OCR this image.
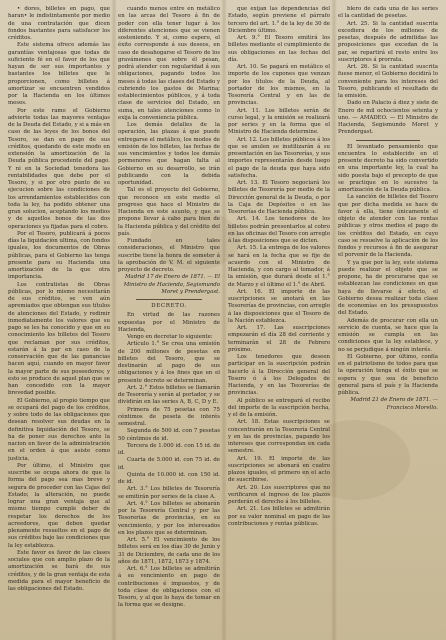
• dores, billetes en pago, que haran• le indistintamente por medio de una contratación que dicen fondos bastantes para satisfacer los créditos.

Este sistema ofrece además las garantías ventajosas que todas de suficiente fé en el favor de los que hayan de ser sus importantes y bastantes los billetes que le proporcionen, como billetes á amortizar se encuentren vendidos por la Hacienda en los últimos meses.

Por este ramo el Gobierno advierte todas las mayores ventajas de la Deuda del Estado, y si a más en caso de las leyes de los bonos del Tesoro, se dan en pago de sus créditos, quedando de este modo en extensión la amortización de la Deuda pública procedente del pago. Y ni en la Sociedad tenedora las rentabilidades que debe por el Tesoro, y si por otro punto de su ejecucion sobre las condiciones de los arrendamientos establecidos con toda la ley, ha podido obtener una gran solucion, aceptando los medios y de aquellos bonos de las dos operaciones ya fijadas para el cobro.

Por el Tesoro, publicará á pocos días la liquidación ultima, con fondos iguales, los documentos de Obras públicas, para el Gobierno las tenga presente para su Hacienda una amortización de la que otra importancia.

Los contratistas de Obras públicas, por lo mismo necesitarán de sus créditos, se ven aún apremiados que obtengan sus títulos de atenciones del Estado, y redimir inmediatamente los valores que su pago se les ha conocido y que en su conocimiento los billetes del Tesoro que reclaman por sus créditos, estarán á la par en caso de la conservación que de las ganancias hacen aquí, cuando en mayor favor la mayor parte de sus poseedores; y esto se produce de aquel plan que se han concedido con la mayor brevedad posible.

El Gobierno, al propio tiempo que se ocupará del pago de los créditos, y sobre todo de las obligaciones que desean resolver sus deudas en la definitiva liquidación del Tesoro, se ha de poner sus derechos ante la nacion en favor de la administración en el orden á que asiste como justicia.

Por último, el Ministro que suscribe se ocupa ahora de que la forma del pago sea mas breve y segura de proceder con las Cajas del Estado; la alteración, no puede lograr una gran ventaja que al mismo tiempo cumple deber de respetar los derechos de los acreedores, que deben quedar plenamente resueltos en el pago de sus créditos bajo las condiciones que la ley establezca.

Este favor es favor de las clases sociales que con amplio plazo de la amortización se hará de sus créditos, y de la gran ventaja de esta medida para el mayor beneficio de las obligaciones del Estado.

cuando menos entre en metálico en las arcas del Tesoro á fin de poder con ella tener lugar á los diferentes atenciones que se vienen sosteniendo. Y si, como espero, el éxito corresponde á sus deseos, en caso de desahogarse el Tesoro de los gravámenes que sobre él pesan, podrá atender con regularidad á sus obligaciones, pagando todos los meses á todas las clases del Estado y cubriendo los gastos de Marina; establecimientos públicos, y á toda clase de servicios del Estado, en suma, en tales atenciones como lo exija la conveniencia pública.

Los demás detalles de la operación, las plazas á que puede entregarse el metálico, los modos de emisión de los billetes, las fechas de sus vencimientos y todos los demás pormenores que hagan falta al Gobierno en su desarrollo, se irán publicando con la debida oportunidad.

Tal es el proyecto del Gobierno, que reconoce en este medio el progreso que hace el Ministro de Hacienda en este asunto, y que se propone llevar á cabo para bien de la Hacienda pública y del crédito del país.

Fundado en tales consideraciones, el Ministro que suscribe tiene la honra de someter á la aprobación de V. M. el siguiente proyecto de decreto.

Madrid 17 de Enero de 1871. — El Ministro de Hacienda, Segismundo Moret y Prendergast.

DECRETO.

En virtud de las razones expuestas por el Ministro de Hacienda,

Vengo en decretar lo siguiente:

Artículo 1.° Se crea una emisión de 200 millones de pesetas en billetes del Tesoro, que se destinarán al pago de sus obligaciones y á los fines que en el presente decreto se determinan.

Art. 2.° Estos billetes se llamarán de Tesorería y serán al portador, y se dividirán en las series A, B, C, D y E.

Primera de 75 pesetas con 75 céntimos de peseta de interés semestral.

Segunda de 500 id. con 7 pesetas 50 céntimos de id.

Tercera de 1.000 id. con 15 id. de id.

Cuarta de 5.000 id. con 75 id. de id.

Quinta de 10.000 id. con 150 id. de id.

Art. 3.° Los billetes de Tesorería se emitirán por series de la clase A.

Art. 4.° Los billetes se abonarán por la Tesorería Central y por las Tesorerías de provincias, en su vencimiento, y por los interesados en los plazos que se determinan.

Art. 5.° El vencimiento de los billetes será en los días 30 de Junio y 31 de Diciembre, de cada uno de los años de 1871, 1872, 1873 y 1874.

Art. 6.° Los billetes se admitirán á su vencimiento en pago de contribuciones é impuestos, y de toda clase de obligaciones con el Tesoro, y al que lo haya de tomar en la forma que se designe.

que exijan las dependencias del Estado, según previene el párrafo tercero del art. 1.° de la ley de 30 de Diciembre último.

Art. 9.° El Tesoro emitirá los billetes mediante el cumplimiento de sus obligaciones en las fechas del día.

Art. 10. Se pagará en metálico el importe de los cupones que venzan por los títulos de la Deuda, al portador de los mismos, en la Tesorería Central y en las de provincias.

Art. 11. Los billetes serán de curso legal, y la emisión se realizará por series y en la forma que el Ministro de Hacienda determine.

Art. 12. Los billetes públicos á los que se anulen se inutilizarán á su presentación en las Tesorerías, y sus importes representarán desde luego el pago de la deuda que haya sido satisfecha.

Art. 13. El Tesoro negociará los billetes de Tesorería por medio de la Dirección general de la Deuda, o por la Caja de Depósitos o en las Tesorerías de Hacienda pública.

Art. 14. Los tenedores de los billetes podrán presentarlos al cobro en las oficinas del Tesoro con arreglo á las disposiciones que se dicten.

Art. 15. La entrega de los valores se hará en la fecha que se fije de acuerdo con el Ministro de Hacienda, y con cargo al tomador, á la emisión, que durará desde el 1.° de Marzo y el último el 1.° de Abril.

Art. 16. El importe de las suscripciones se anotará en las Tesorerías de provincias, con arreglo á las disposiciones que el Tesoro de la Nación establezca.

Art. 17. Las suscripciones empezarán el día 28 del corriente y terminarán el 28 de Febrero próximo.

Los tenedores que deseen participar en la suscripción podrán hacerlo á la Dirección general del Tesoro ó á los Delegados de Hacienda, y en las Tesorerías de provincias.

Al público se entregará el recibo del importe de la suscripción hecha, y el de la emisión.

Art. 18. Estas suscripciones se concentrarán en la Tesorería Central y en las de provincias, pagando los intereses que correspondan en cada semestre.

Art. 19. El importe de las suscripciones se abonará en cuatro plazos iguales, el primero en el acto de suscribirse.

Art. 20. Los suscriptores que no verificaren el ingreso de los plazos perderán el derecho á los billetes.

Art. 21. Los billetes se admitirán por su valor nominal en pago de las contribuciones y rentas públicas.

blero de cada una de las series el la cantidad de pesetas.

Art. 25. Si la cantidad suscrita excediera de los millones de pesetas, después de admitidas las proposiciones que excedan de la par, se repartirá el resto entre los suscriptores á prorrata.

Art. 26. Si la cantidad suscrita fuese menor, el Gobierno decidirá lo conveniente para los intereses del Tesoro, publicando el resultado de la emisión.

Dado en Palacio á diez y siete de Enero de mil ochocientos setenta y uno. — AMADEO. — El Ministro de Hacienda, Segismundo Moret y Prendergast.

El levantado pensamiento que encuentra lo establecido en el presente decreto ha sido convertido en una importante ley, la cual ha sido puesta bajo el precepto de que se practique en lo sucesivo la amortización de la Deuda pública.

La sanción de billetes del Tesoro que por dicha medida se hace de favor á ella, tiene únicamente el objeto de atender con las rentas públicas y otros medios el pago de los créditos del Estado, en cuyo caso se resuelve la aplicación de los fondos y recursos á fin de asegurar el porvenir de la Hacienda.

Y ya que por la ley, este sistema puede realizar el objeto que se propone, ha de procurarse que se establezcan las condiciones en que haya de llevarse á efecto, el Gobierno desea realizar toda clase de economías en los presupuestos del Estado.

Además de procurar con ella un servicio de cuenta, se hace que la emisión se cumpla en las condiciones que la ley establece, y no se perjudique á ningún interés.

El Gobierno, por último, confía en el patriotismo de todos para que la operación tenga el éxito que se espera y que sea de beneficio general para el país y la Hacienda pública.

Madrid 21 de Enero de 1871. — Francisco Morello.
